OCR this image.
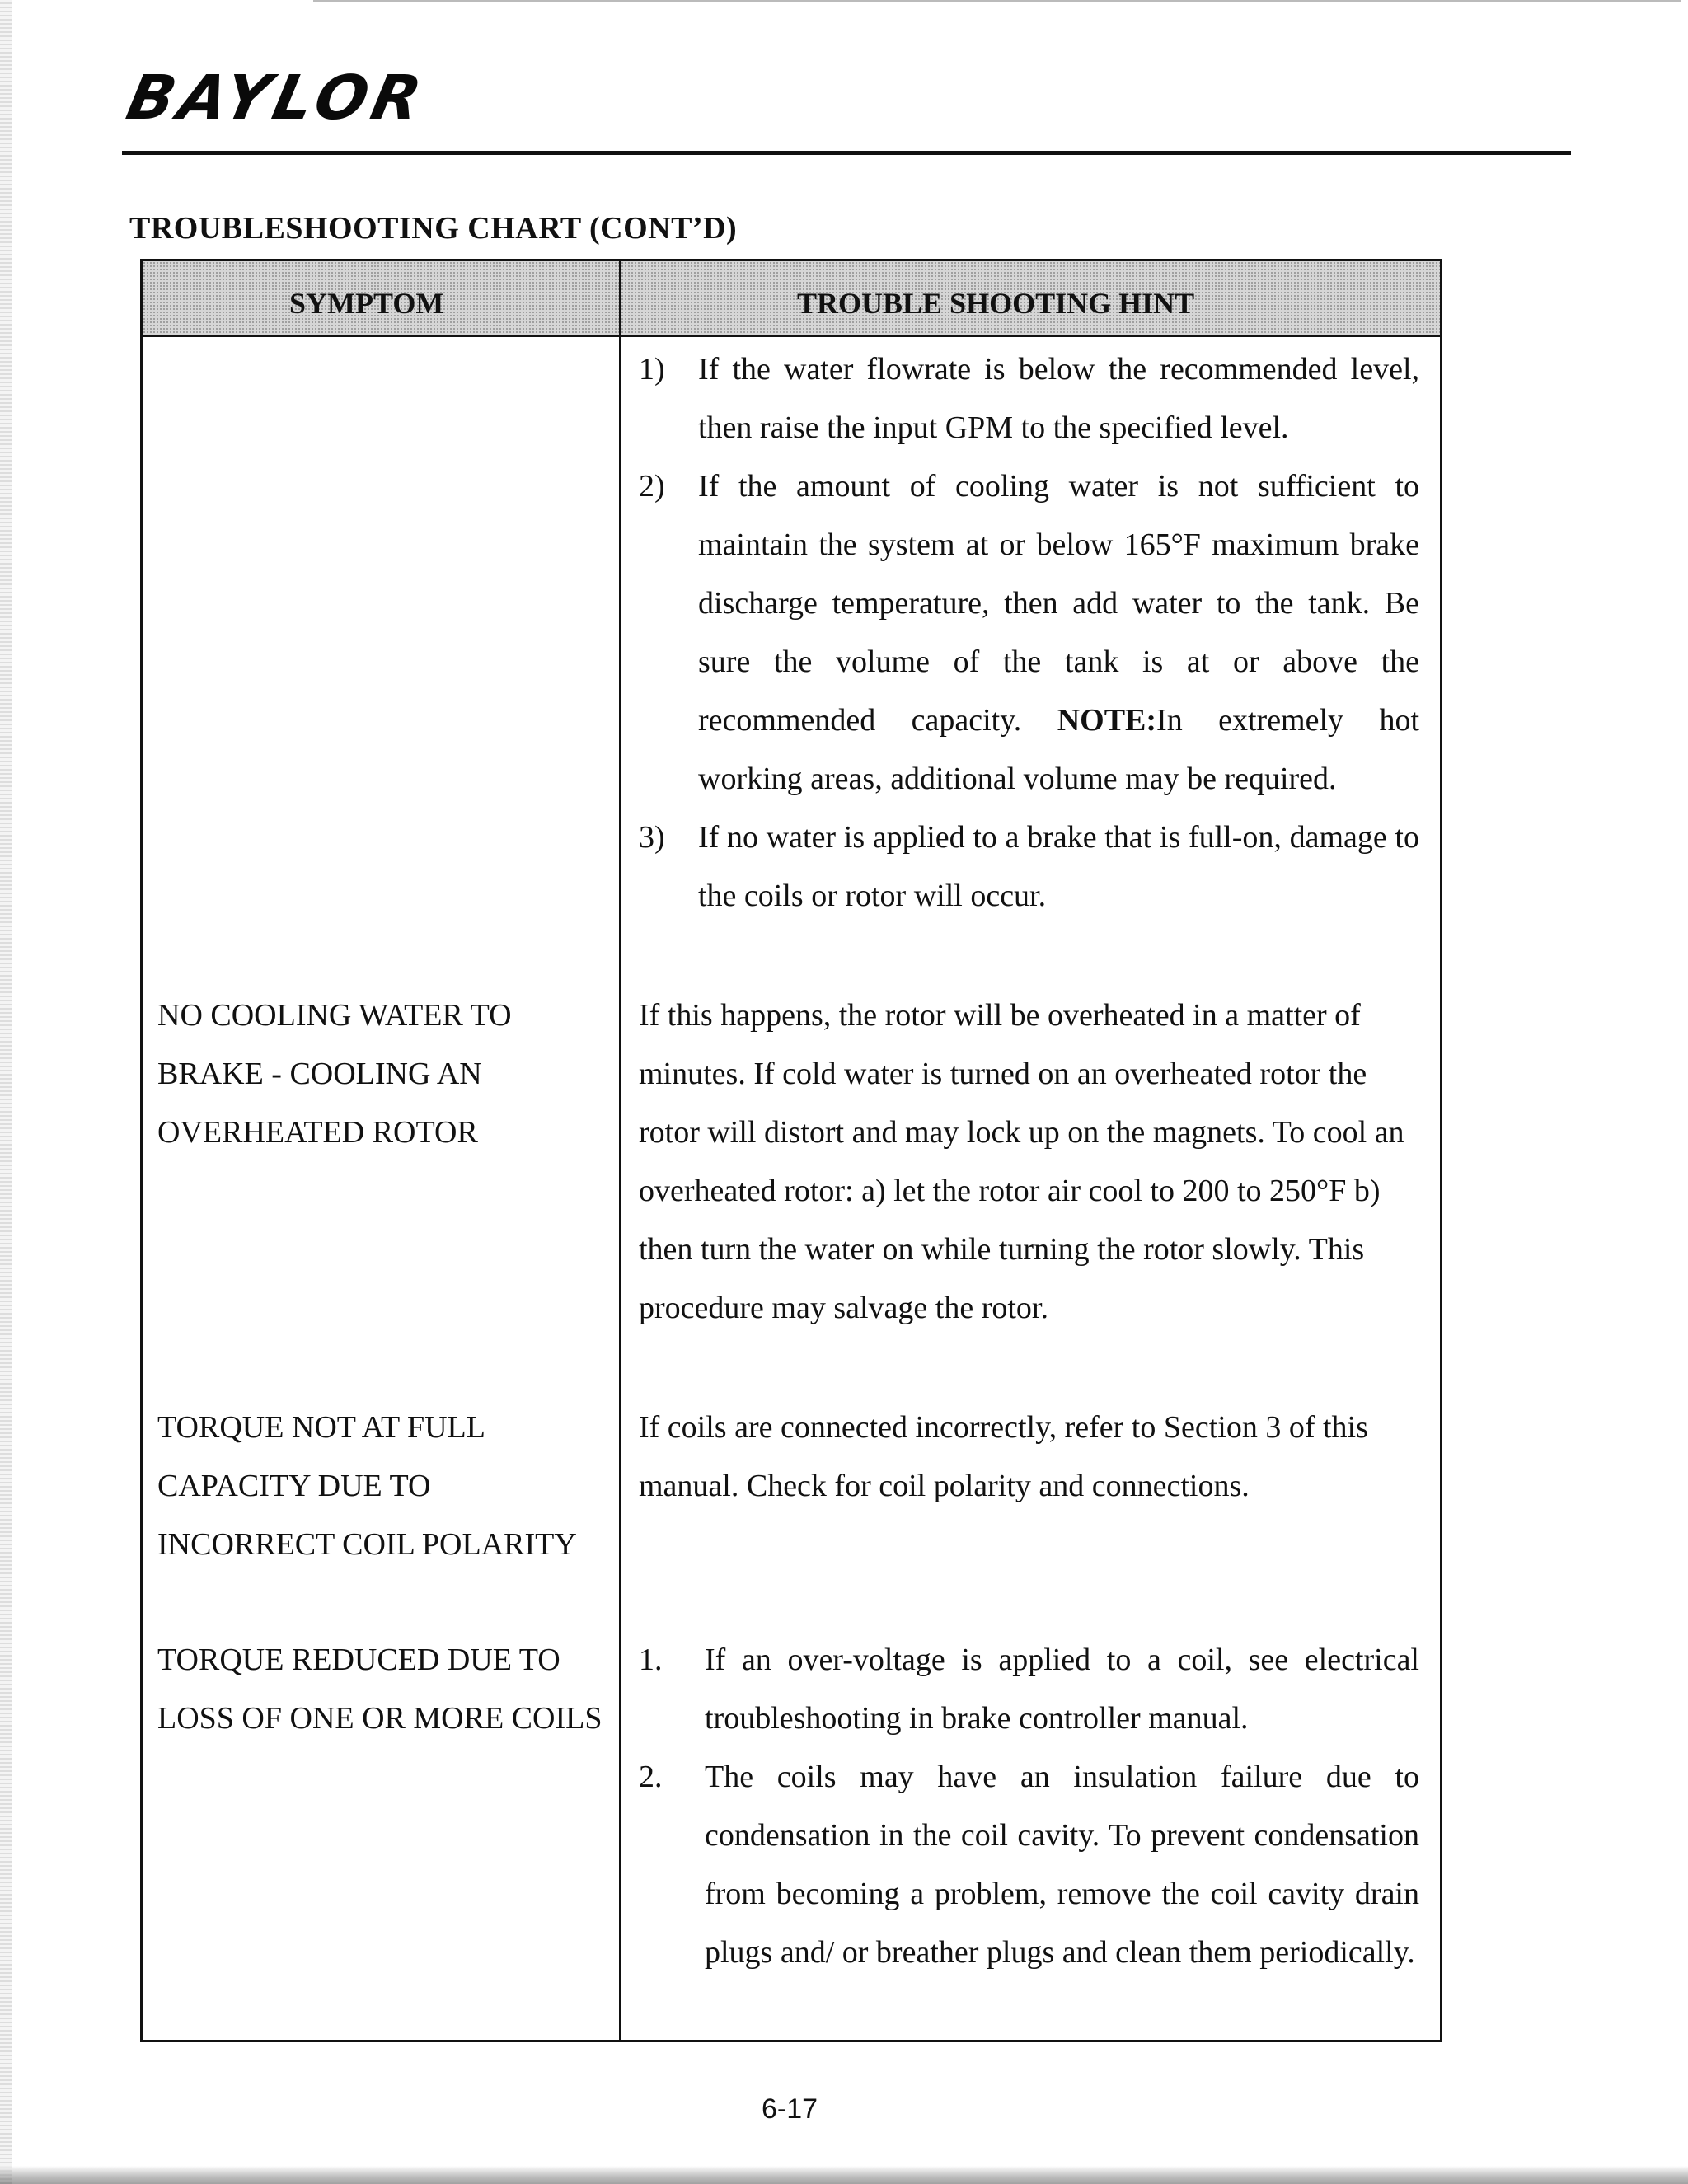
BAYLOR
TROUBLESHOOTING CHART (CONT’D)
SYMPTOM	TROUBLE SHOOTING HINT
1) If the water flowrate is below the recommended level, then raise the input GPM to the specified level.
2) If the amount of cooling water is not sufficient to maintain the system at or below 165°F maximum brake discharge temperature, then add water to the tank. Be sure the volume of the tank is at or above the recommended capacity. NOTE:In extremely hot working areas, additional volume may be required.
3) If no water is applied to a brake that is full-on, damage to the coils or rotor will occur.
NO COOLING WATER TO BRAKE - COOLING AN OVERHEATED ROTOR
If this happens, the rotor will be overheated in a matter of minutes. If cold water is turned on an overheated rotor the rotor will distort and may lock up on the magnets. To cool an overheated rotor: a) let the rotor air cool to 200 to 250°F b) then turn the water on while turning the rotor slowly. This procedure may salvage the rotor.
TORQUE NOT AT FULL CAPACITY DUE TO INCORRECT COIL POLARITY
If coils are connected incorrectly, refer to Section 3 of this manual. Check for coil polarity and connections.
TORQUE REDUCED DUE TO LOSS OF ONE OR MORE COILS
1. If an over-voltage is applied to a coil, see electrical troubleshooting in brake controller manual.
2. The coils may have an insulation failure due to condensation in the coil cavity. To prevent condensation from becoming a problem, remove the coil cavity drain plugs and/ or breather plugs and clean them periodically.
6-17
